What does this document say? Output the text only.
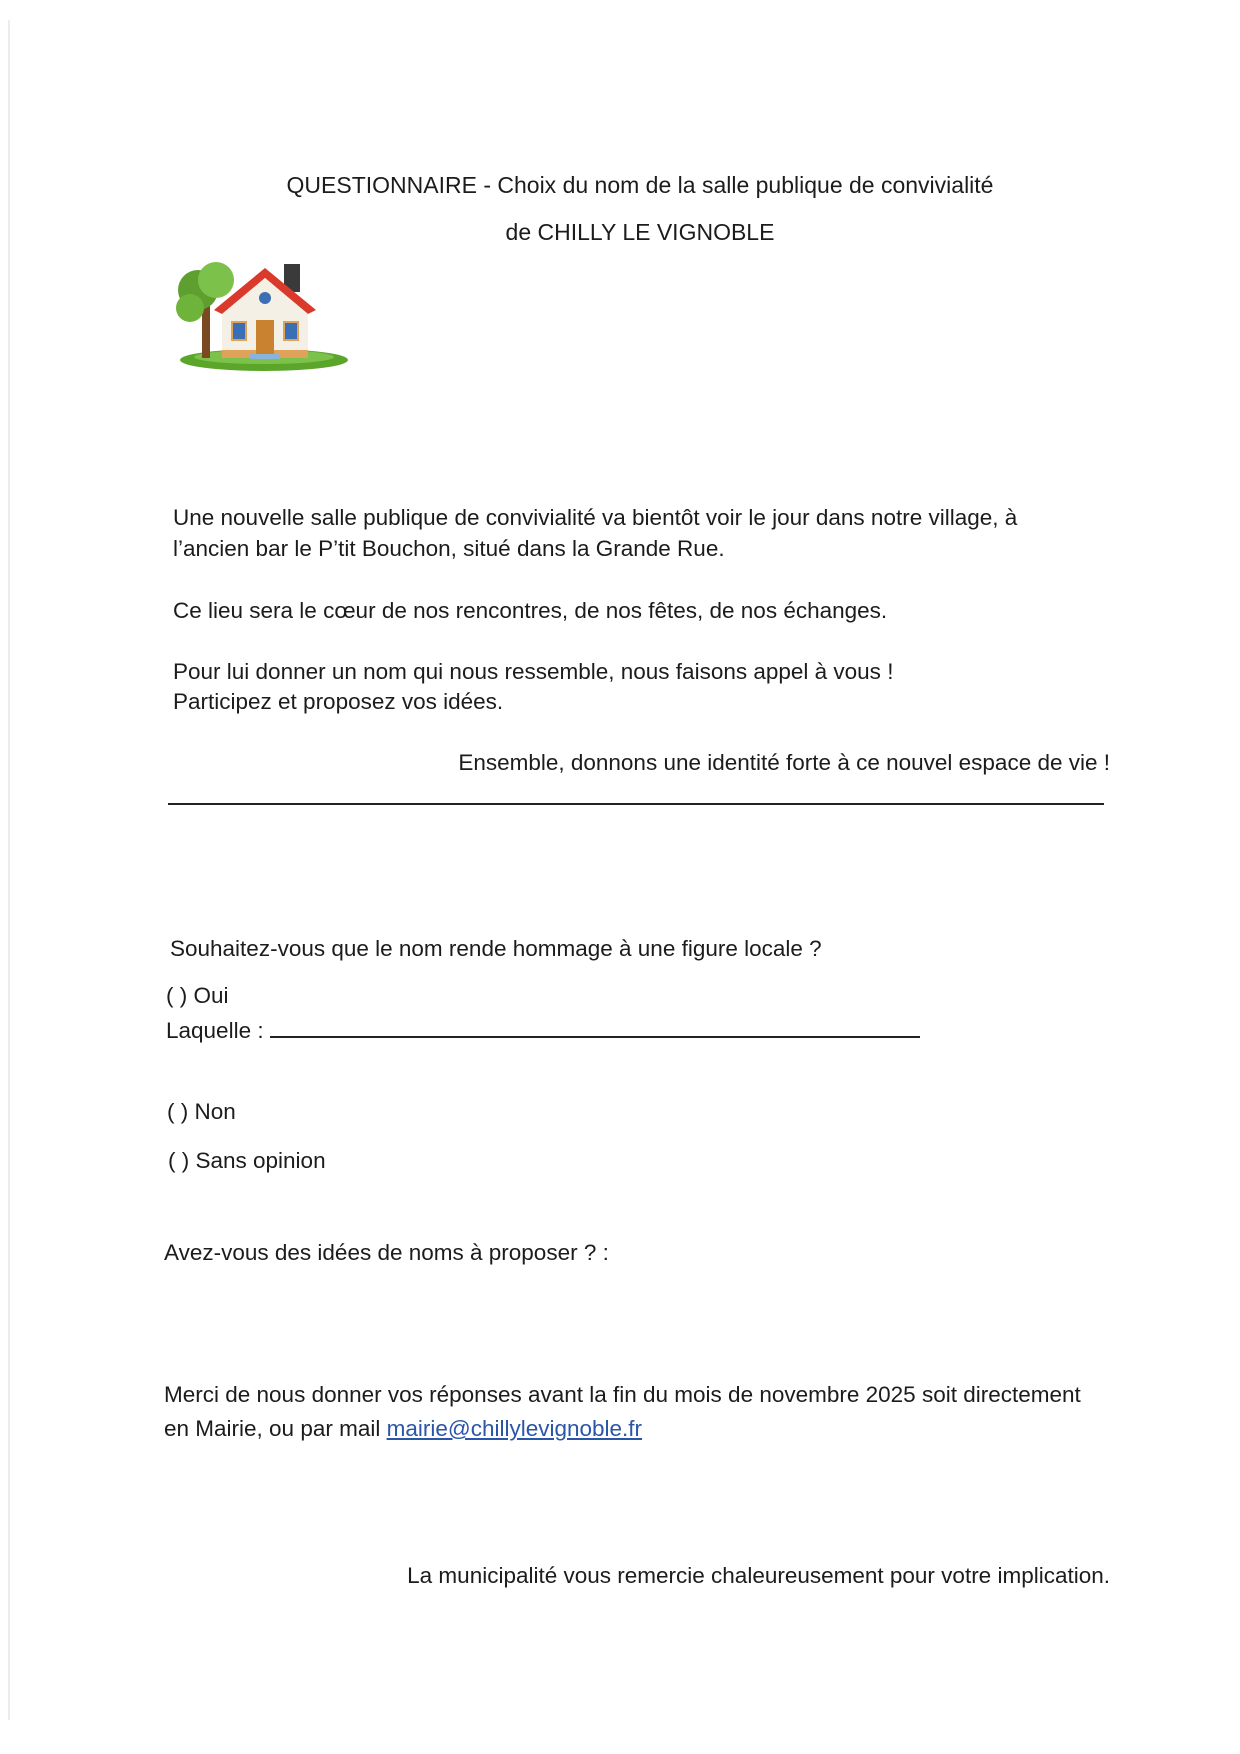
QUESTIONNAIRE - Choix du nom de la salle publique de convivialité
de CHILLY LE VIGNOBLE
Une nouvelle salle publique de convivialité va bientôt voir le jour dans notre village, à
l’ancien bar le P’tit Bouchon, situé dans la Grande Rue.
Ce lieu sera le cœur de nos rencontres, de nos fêtes, de nos échanges.
Pour lui donner un nom qui nous ressemble, nous faisons appel à vous !
Participez et proposez vos idées.
Ensemble, donnons une identité forte à ce nouvel espace de vie !
Souhaitez-vous que le nom rende hommage à une figure locale ?
( ) Oui
Laquelle :
( ) Non
( ) Sans opinion
Avez-vous des idées de noms à proposer ? :
Merci de nous donner vos réponses avant la fin du mois de novembre 2025 soit directement
en Mairie, ou par mail mairie@chillylevignoble.fr
La municipalité vous remercie chaleureusement pour votre implication.
